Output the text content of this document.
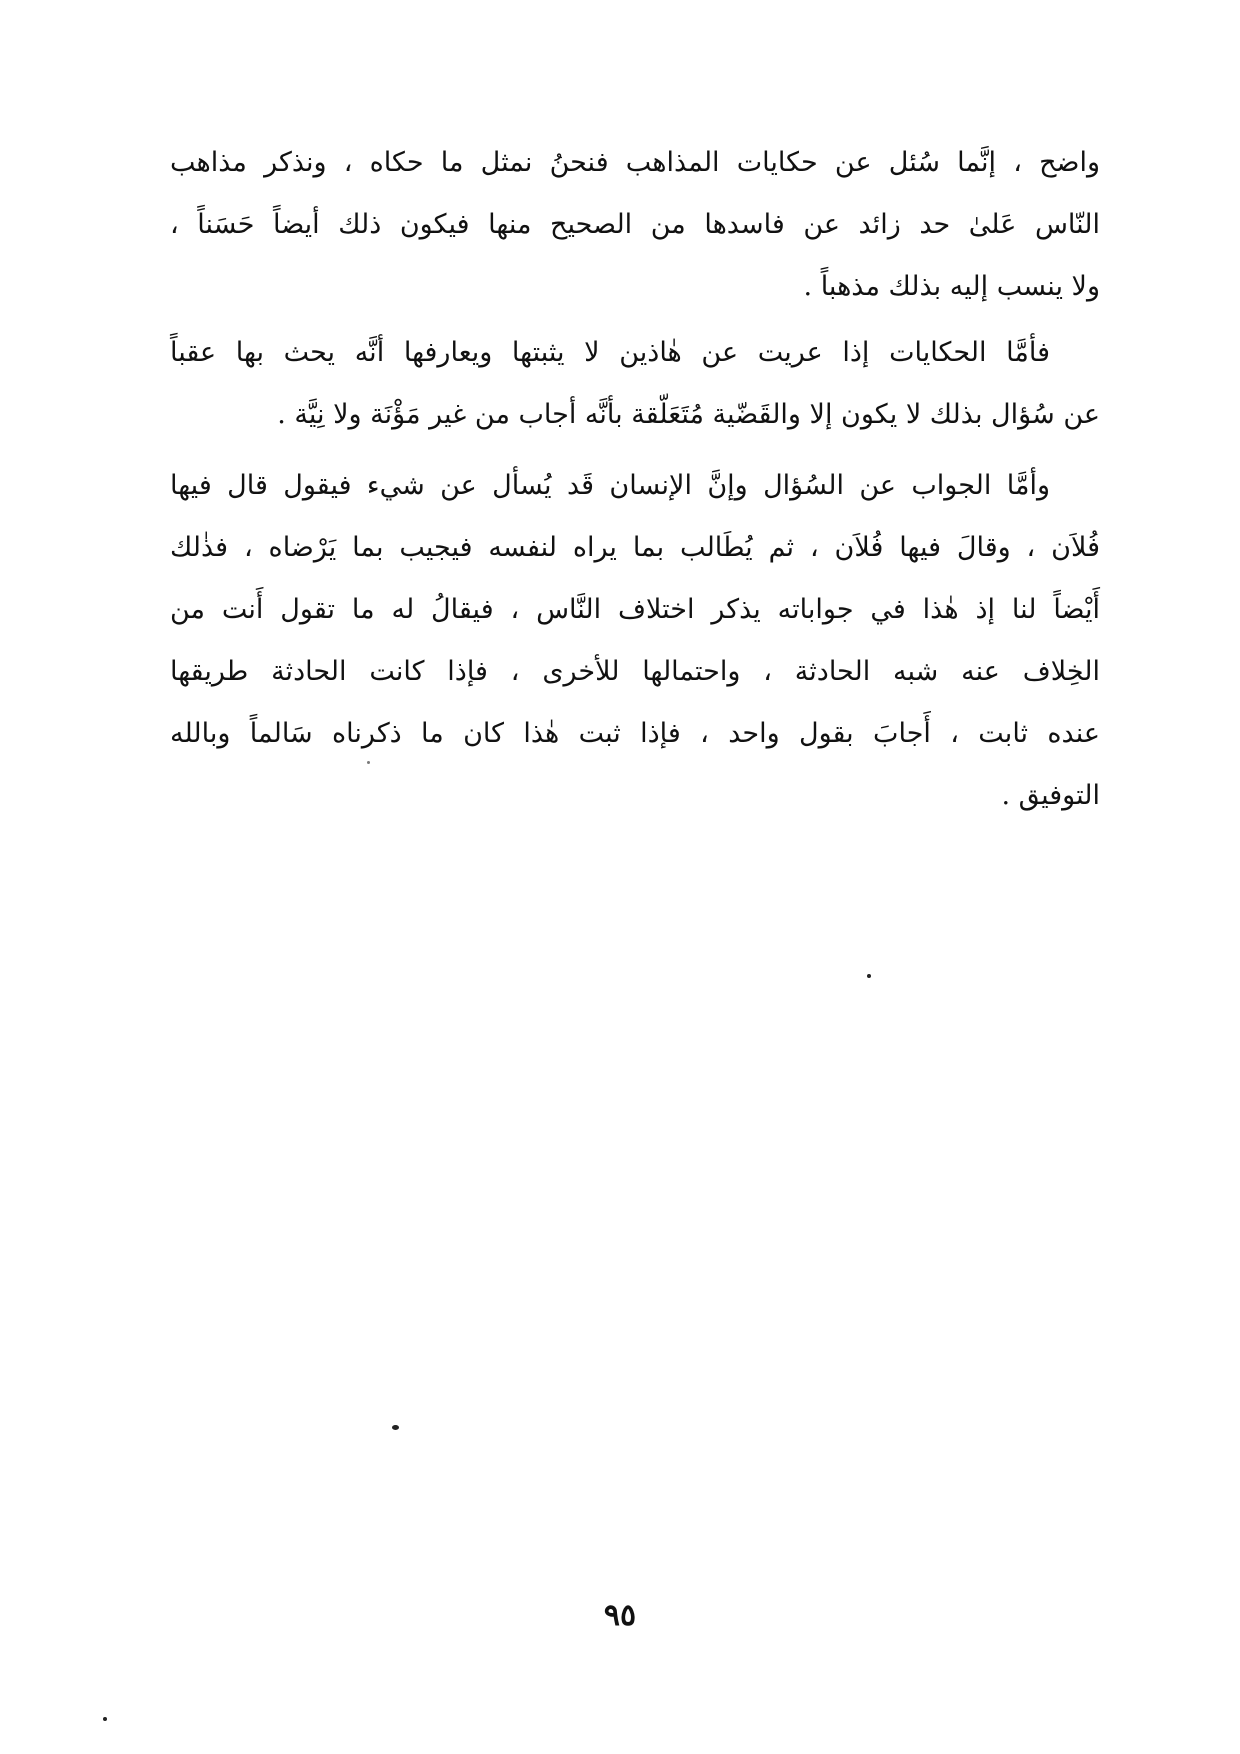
واضح ، إنَّما سُئل عن حكايات المذاهب فنحنُ نمثل ما حكاه ، ونذكر مذاهب
النّاس عَلىٰ حد زائد عن فاسدها من الصحيح منها فيكون ذلك أيضاً حَسَناً ،
ولا ينسب إليه بذلك مذهباً .
فأمَّا الحكايات إذا عريت عن هٰاذين لا يثبتها ويعارفها أنَّه يحث بها عقباً
عن سُؤال بذلك لا يكون إلا والقَضّية مُتَعَلّقة بأنَّه أجاب من غير مَؤْنَة ولا نِيَّة .
وأمَّا الجواب عن السُؤال وإنَّ الإنسان قَد يُسأل عن شيء فيقول قال فيها
فُلاَن ، وقالَ فيها فُلاَن ، ثم يُطَالب بما يراه لنفسه فيجيب بما يَرْضاه ، فذٰلك
أَيْضاً لنا إذ هٰذا في جواباته يذكر اختلاف النَّاس ، فيقالُ له ما تقول أَنت من
الخِلاف عنه شبه الحادثة ، واحتمالها للأخرى ، فإذا كانت الحادثة طريقها
عنده ثابت ، أَجابَ بقول واحد ، فإذا ثبت هٰذا كان ما ذكرناه سَالماً وبالله
التوفيق .
٩٥
